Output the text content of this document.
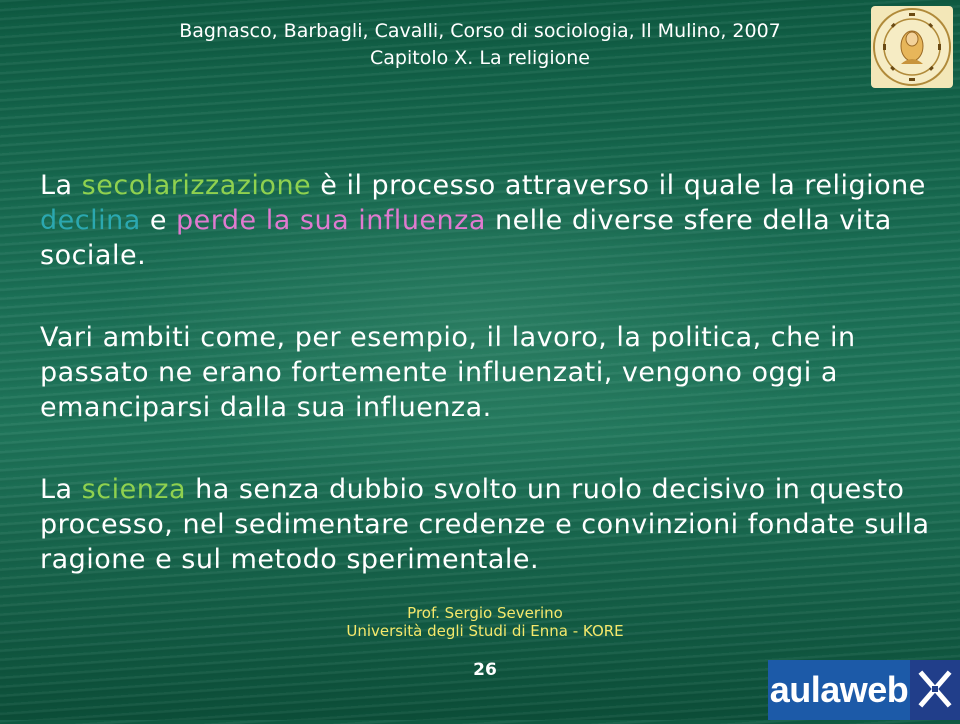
Bagnasco, Barbagli, Cavalli, Corso di sociologia, Il Mulino, 2007
Capitolo X. La religione

La secolarizzazione è il processo attraverso il quale la religione declina e perde la sua influenza nelle diverse sfere della vita sociale.

Vari ambiti come, per esempio, il lavoro, la politica, che in passato ne erano fortemente influenzati, vengono oggi a emanciparsi dalla sua influenza.

La scienza ha senza dubbio svolto un ruolo decisivo in questo processo, nel sedimentare credenze e convinzioni fondate sulla ragione e sul metodo sperimentale.

Prof. Sergio Severino
Università degli Studi di Enna - KORE
26	aulaweb
